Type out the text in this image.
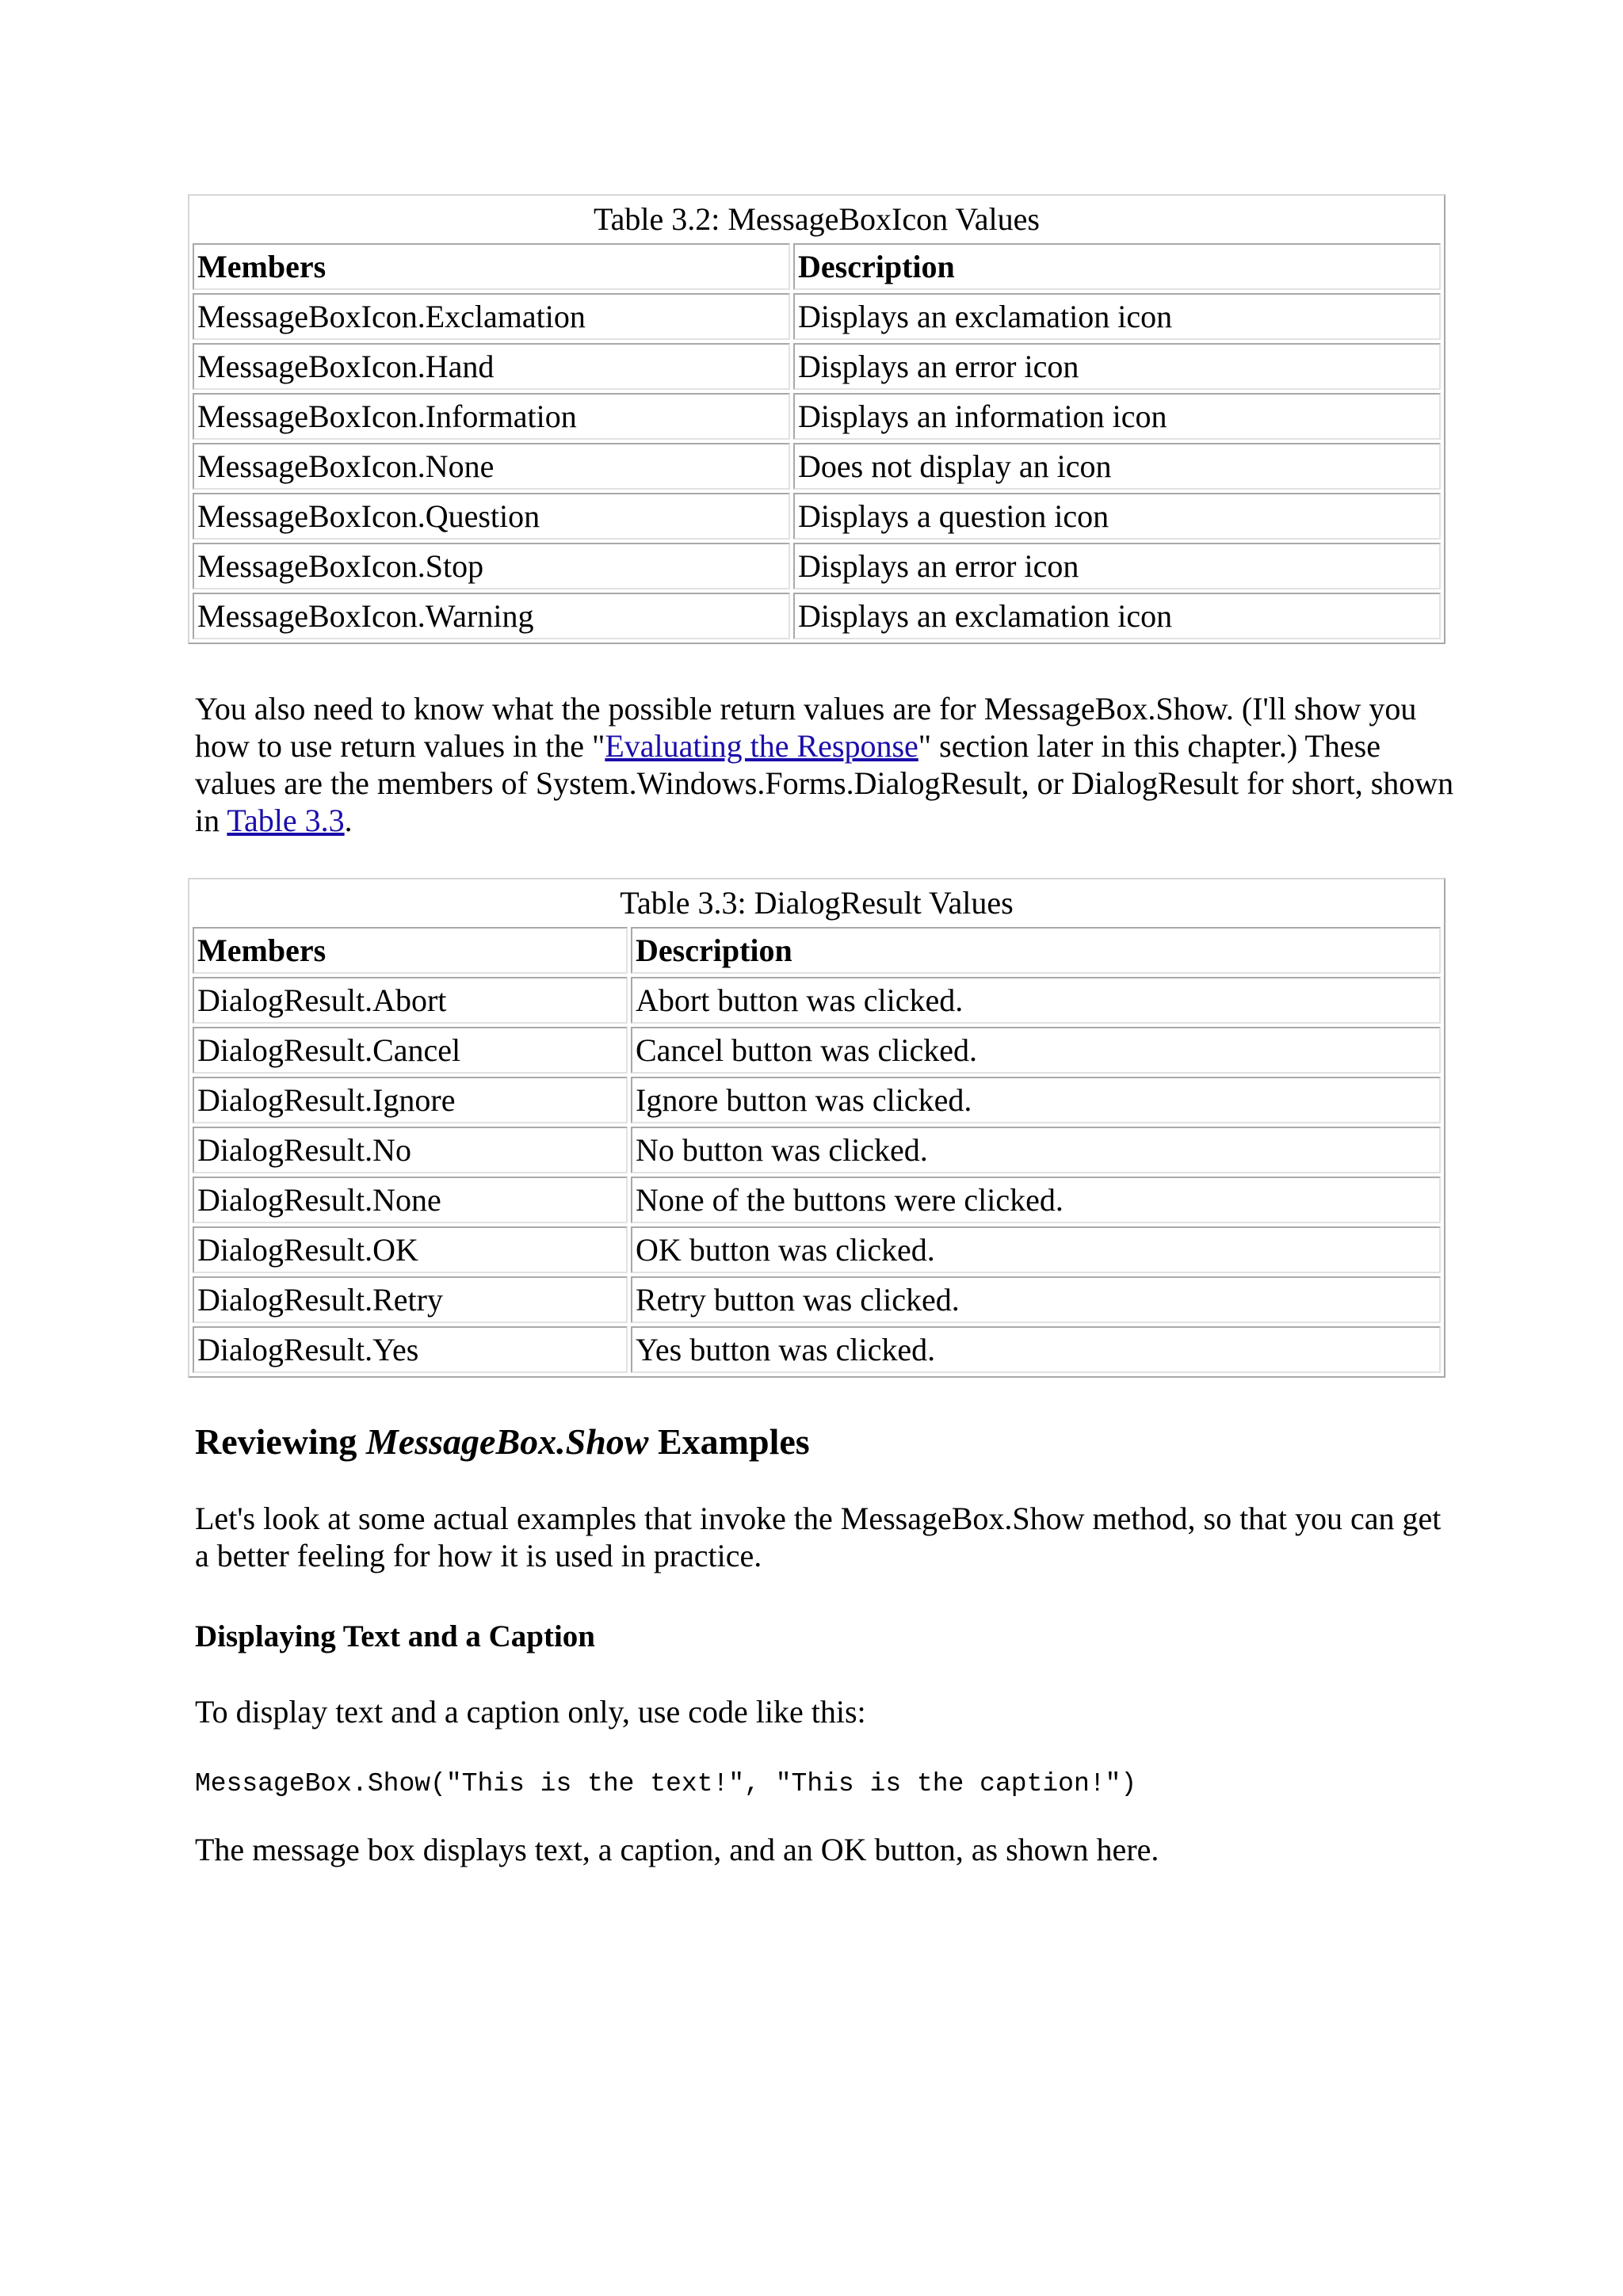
Table 3.2: MessageBoxIcon Values
Members	Description
MessageBoxIcon.Exclamation	Displays an exclamation icon
MessageBoxIcon.Hand	Displays an error icon
MessageBoxIcon.Information	Displays an information icon
MessageBoxIcon.None	Does not display an icon
MessageBoxIcon.Question	Displays a question icon
MessageBoxIcon.Stop	Displays an error icon
MessageBoxIcon.Warning	Displays an exclamation icon

You also need to know what the possible return values are for MessageBox.Show. (I'll show you how to use return values in the "Evaluating the Response" section later in this chapter.) These values are the members of System.Windows.Forms.DialogResult, or DialogResult for short, shown in Table 3.3.

Table 3.3: DialogResult Values
Members	Description
DialogResult.Abort	Abort button was clicked.
DialogResult.Cancel	Cancel button was clicked.
DialogResult.Ignore	Ignore button was clicked.
DialogResult.No	No button was clicked.
DialogResult.None	None of the buttons were clicked.
DialogResult.OK	OK button was clicked.
DialogResult.Retry	Retry button was clicked.
DialogResult.Yes	Yes button was clicked.
Reviewing MessageBox.Show Examples

Let's look at some actual examples that invoke the MessageBox.Show method, so that you can get a better feeling for how it is used in practice.

Displaying Text and a Caption

To display text and a caption only, use code like this:

MessageBox.Show("This is the text!", "This is the caption!")

The message box displays text, a caption, and an OK button, as shown here.
